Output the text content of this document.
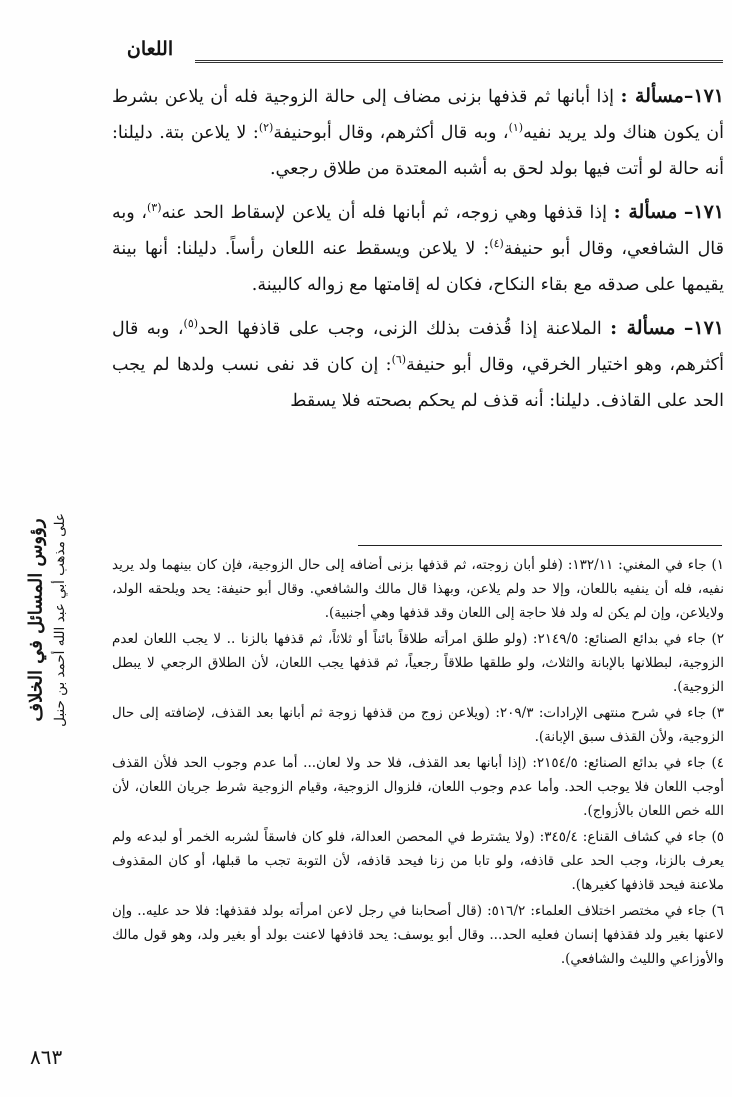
اللعان
رؤوس المسائل في الخلاف على مذهب أبي عبد الله أحمد بن حنبل

١٧١–مسألة : إذا أبانها ثم قذفها بزنى مضاف إلى حالة الزوجية فله أن يلاعن بشرط أن يكون هناك ولد يريد نفيه$^{(١)}$، وبه قال أكثرهم، وقال أبوحنيفة$^{(٢)}$: لا يلاعن بتة. دليلنا: أنه حالة لو أتت فيها بولد لحق به أشبه المعتدة من طلاق رجعي.

١٧١– مسألة : إذا قذفها وهي زوجه، ثم أبانها فله أن يلاعن لإسقاط الحد عنه$^{(٣)}$، وبه قال الشافعي، وقال أبو حنيفة$^{(٤)}$: لا يلاعن ويسقط عنه اللعان رأساً. دليلنا: أنها بينة يقيمها على صدقه مع بقاء النكاح، فكان له إقامتها مع زواله كالبينة.

١٧١– مسألة : الملاعنة إذا قُذفت بذلك الزنى، وجب على قاذفها الحد$^{(٥)}$، وبه قال أكثرهم، وهو اختيار الخرقي، وقال أبو حنيفة$^{(٦)}$: إن كان قد نفى نسب ولدها لم يجب الحد على القاذف. دليلنا: أنه قذف لم يحكم بصحته فلا يسقط

١) جاء في المغني: ١٣٢/١١: (فلو أبان زوجته، ثم قذفها بزنى أضافه إلى حال الزوجية، فإن كان بينهما ولد يريد نفيه، فله أن ينفيه باللعان، وإلا حد ولم يلاعن، وبهذا قال مالك والشافعي. وقال أبو حنيفة: يحد ويلحقه الولد، ولايلاعن، وإن لم يكن له ولد فلا حاجة إلى اللعان وقد قذفها وهي أجنبية).

٢) جاء في بدائع الصنائع: ٢١٤٩/٥: (ولو طلق امرأته طلاقاً بائناً أو ثلاثاً، ثم قذفها بالزنا .. لا يجب اللعان لعدم الزوجية، لبطلانها بالإبانة والثلاث، ولو طلقها طلاقاً رجعياً، ثم قذفها يجب اللعان، لأن الطلاق الرجعي لا يبطل الزوجية).

٣) جاء في شرح منتهى الإرادات: ٢٠٩/٣: (ويلاعن زوج من قذفها زوجة ثم أبانها بعد القذف، لإضافته إلى حال الزوجية، ولأن القذف سبق الإبانة).

٤) جاء في بدائع الصنائع: ٢١٥٤/٥: (إذا أبانها بعد القذف، فلا حد ولا لعان... أما عدم وجوب الحد فلأن القذف أوجب اللعان فلا يوجب الحد. وأما عدم وجوب اللعان، فلزوال الزوجية، وقيام الزوجية شرط جريان اللعان، لأن الله خص اللعان بالأزواج).

٥) جاء في كشاف القناع: ٣٤٥/٤: (ولا يشترط في المحصن العدالة، فلو كان فاسقاً لشربه الخمر أو لبدعه ولم يعرف بالزنا، وجب الحد على قاذفه، ولو تابا من زنا فيحد قاذفه، لأن التوبة تجب ما قبلها، أو كان المقذوف ملاعنة فيحد قاذفها كغيرها).

٦) جاء في مختصر اختلاف العلماء: ٥١٦/٢: (قال أصحابنا في رجل لاعن امرأته بولد فقذفها: فلا حد عليه.. وإن لاعنها بغير ولد فقذفها إنسان فعليه الحد... وقال أبو يوسف: يحد قاذفها لاعنت بولد أو بغير ولد، وهو قول مالك والأوزاعي والليث والشافعي).

٨٦٣
